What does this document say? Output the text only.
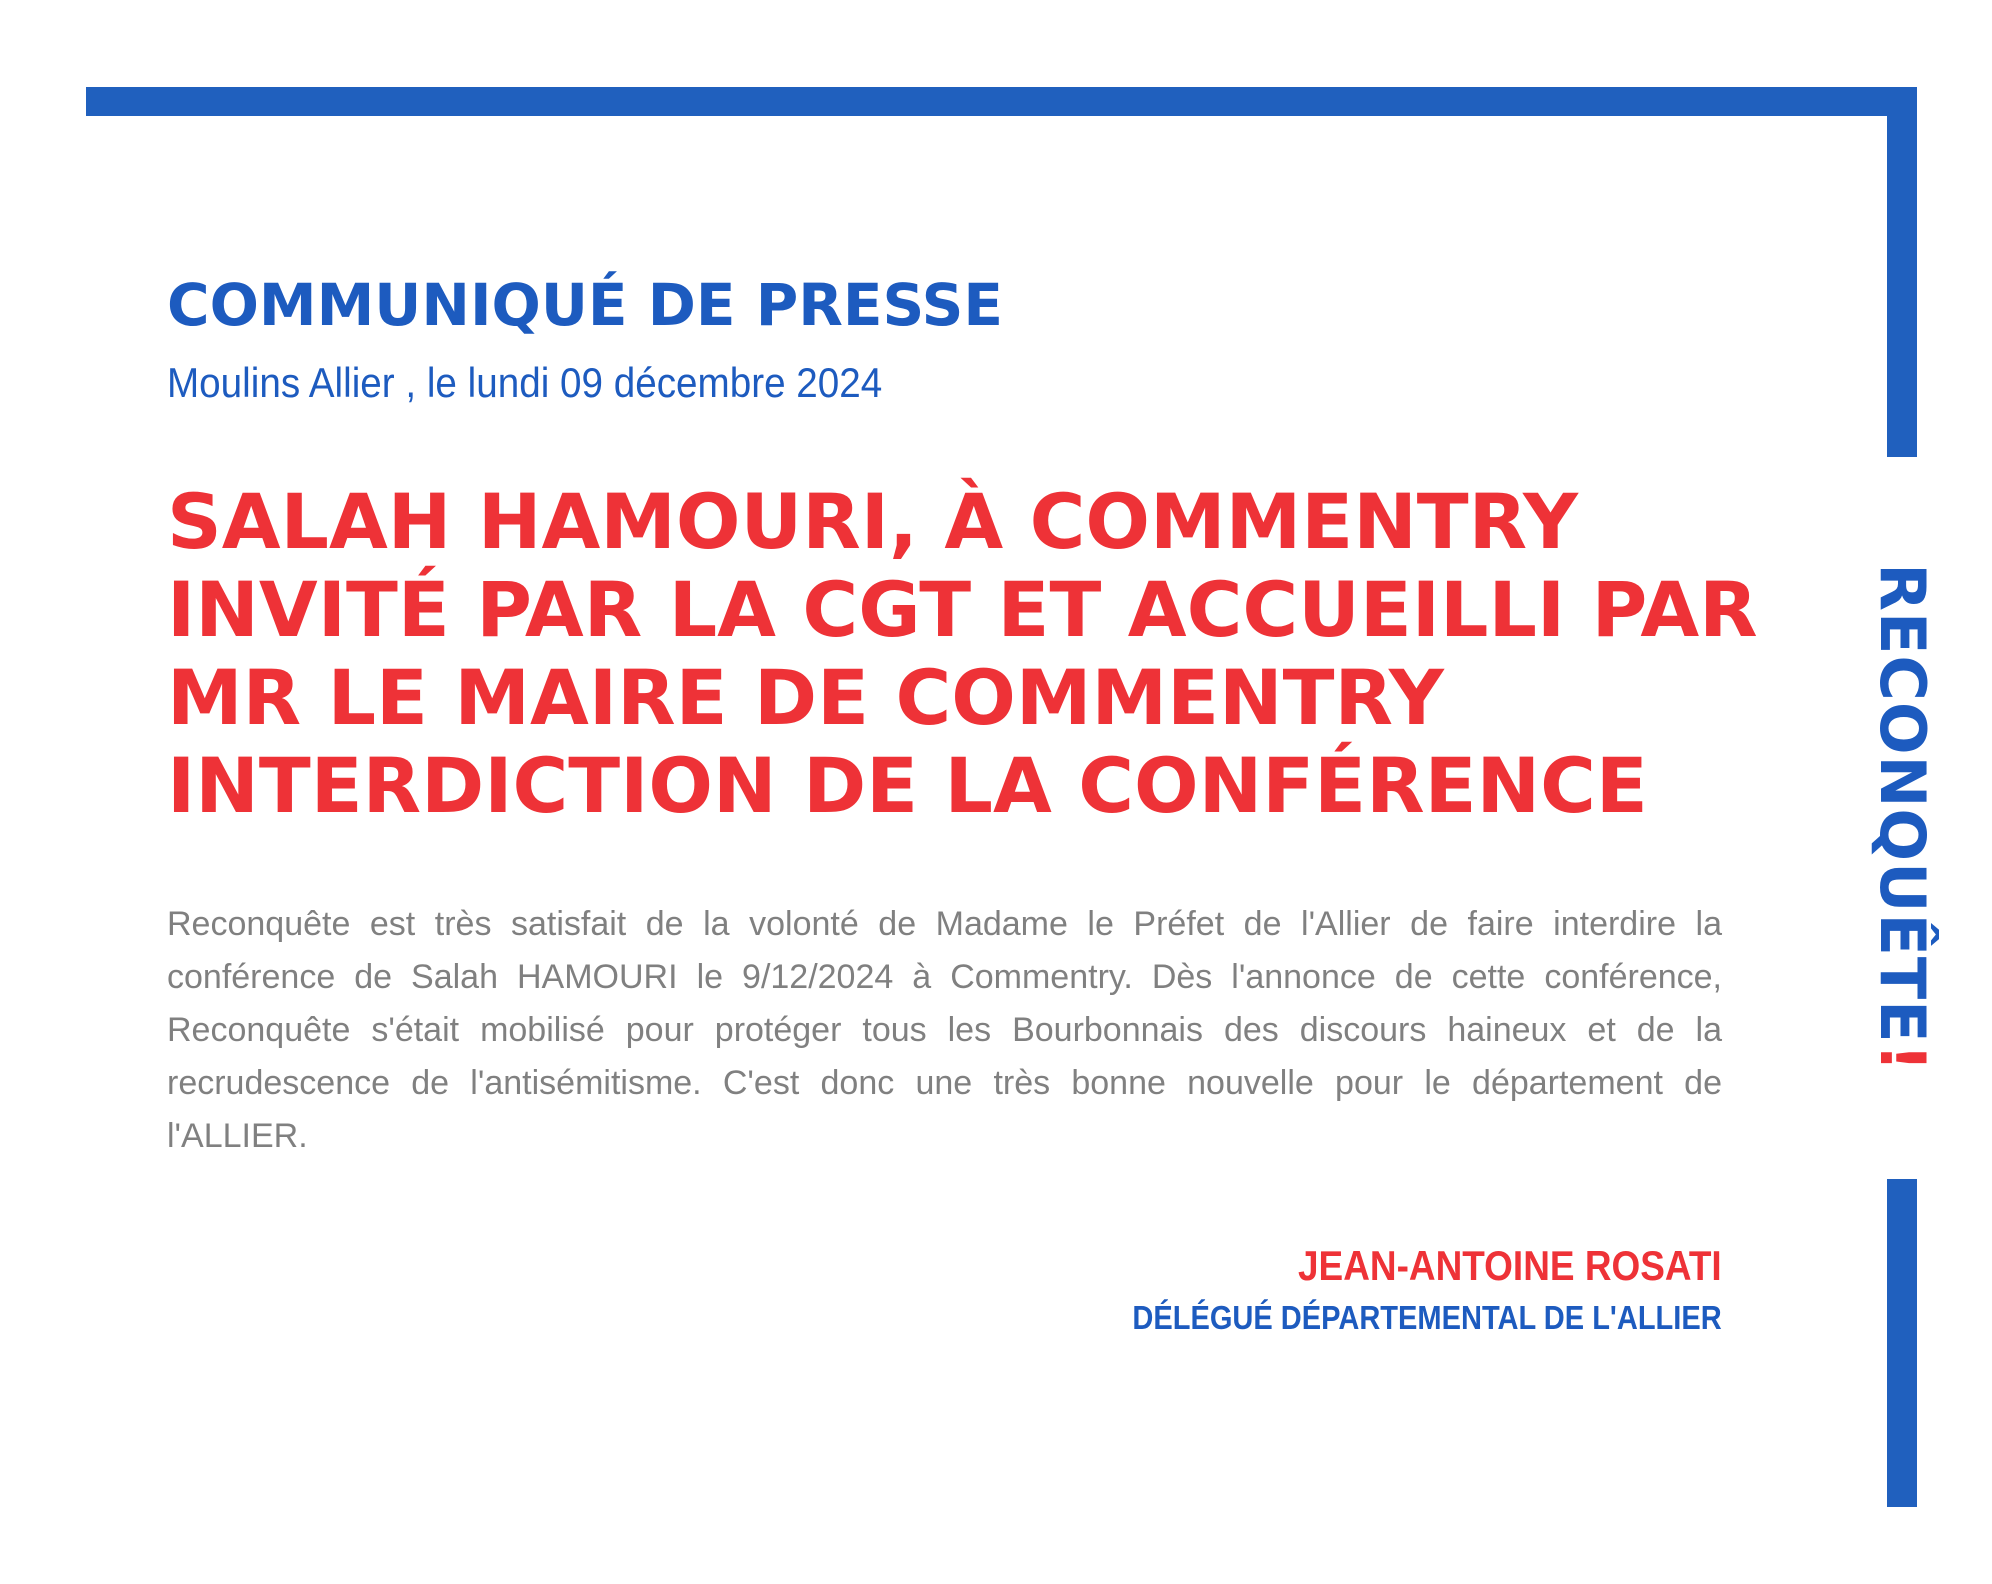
RECONQUÊTE!
COMMUNIQUÉ DE PRESSE
Moulins Allier , le lundi 09 décembre 2024
SALAH HAMOURI, À COMMENTRY
INVITÉ PAR LA CGT ET ACCUEILLI PAR
MR LE MAIRE DE COMMENTRY
INTERDICTION DE LA CONFÉRENCE

Reconquête est très satisfait de la volonté de Madame le Préfet de l'Allier de faire interdire la conférence de Salah HAMOURI le 9/12/2024 à Commentry. Dès l'annonce de cette conférence, Reconquête s'était mobilisé pour protéger tous les Bourbonnais des discours haineux et de la recrudescence de l'antisémitisme. C'est donc une très bonne nouvelle pour le département de l'ALLIER.

JEAN-ANTOINE ROSATI
DÉLÉGUÉ DÉPARTEMENTAL DE L'ALLIER
